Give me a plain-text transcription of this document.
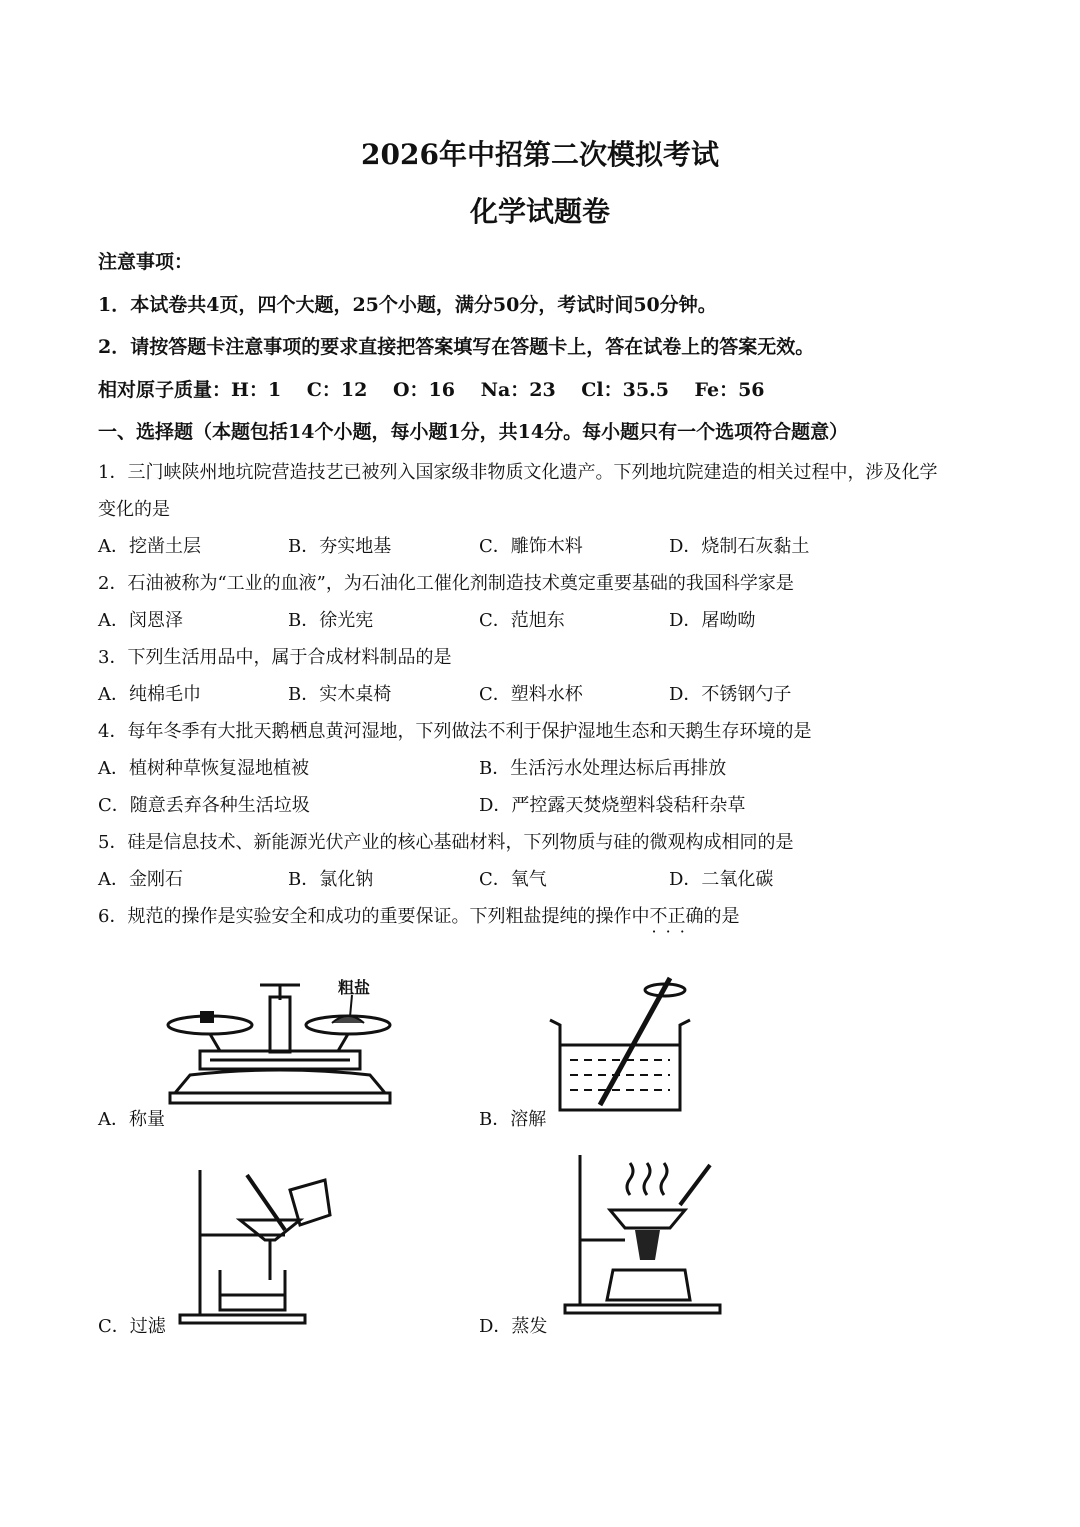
2026年中招第二次模拟考试
化学试题卷
注意事项：
1．本试卷共4页，四个大题，25个小题，满分50分，考试时间50分钟。
2．请按答题卡注意事项的要求直接把答案填写在答题卡上，答在试卷上的答案无效。
相对原子质量：H：1　 C：12　 O：16　 Na：23　 Cl：35.5　 Fe：56
一、选择题（本题包括14个小题，每小题1分，共14分。每小题只有一个选项符合题意）
1．三门峡陕州地坑院营造技艺已被列入国家级非物质文化遗产。下列地坑院建造的相关过程中，涉及化学
变化的是
A．挖凿土层	B．夯实地基	C．雕饰木料	D．烧制石灰黏土
2．石油被称为“工业的血液”，为石油化工催化剂制造技术奠定重要基础的我国科学家是
A．闵恩泽	B．徐光宪	C．范旭东	D．屠呦呦
3．下列生活用品中，属于合成材料制品的是
A．纯棉毛巾	B．实木桌椅	C．塑料水杯	D．不锈钢勺子
4．每年冬季有大批天鹅栖息黄河湿地，下列做法不利于保护湿地生态和天鹅生存环境的是
A．植树种草恢复湿地植被	B．生活污水处理达标后再排放
C．随意丢弃各种生活垃圾	D．严控露天焚烧塑料袋秸秆杂草
5．硅是信息技术、新能源光伏产业的核心基础材料，下列物质与硅的微观构成相同的是
A．金刚石	B．氯化钠	C．氧气	D．二氧化碳
6．规范的操作是实验安全和成功的重要保证。下列粗盐提纯的操作中不正确 · · ·的是
粗盐
A．称量	B．溶解
C．过滤	D．蒸发
